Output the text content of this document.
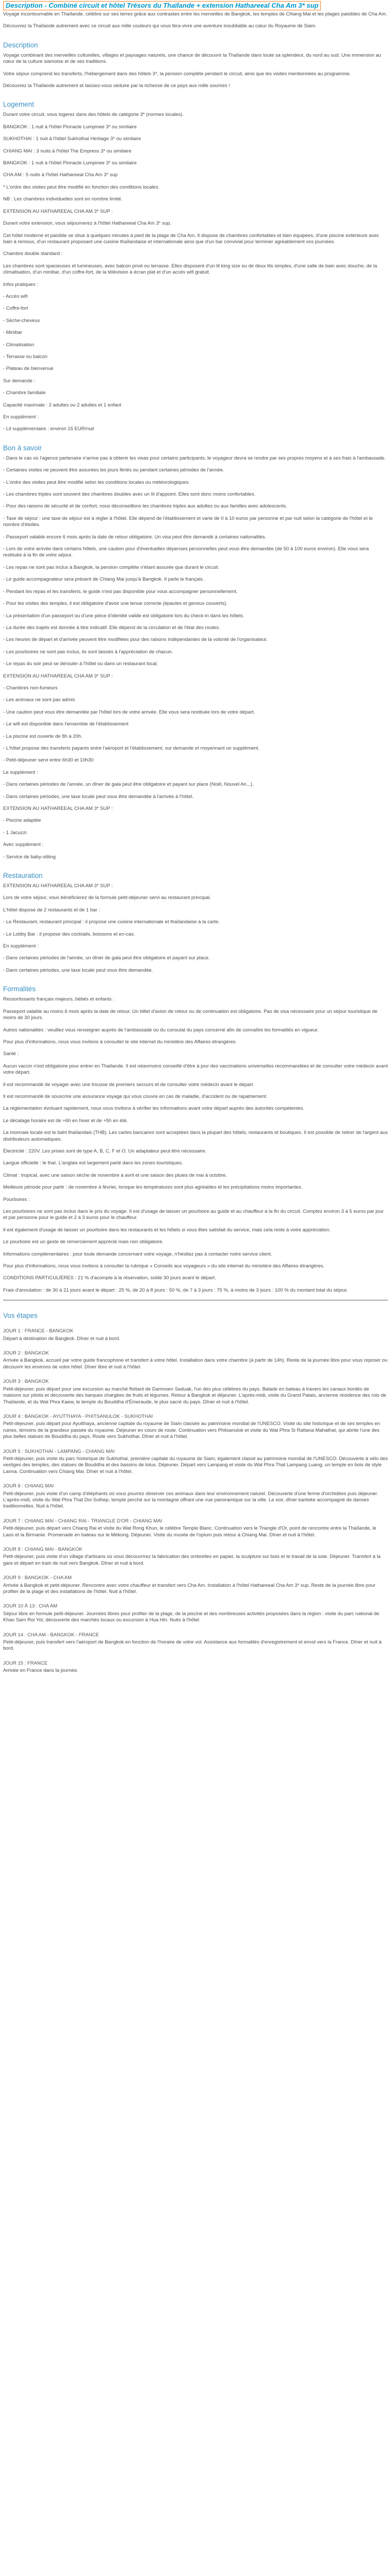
Description - Combiné circuit et hôtel Trésors du Thaïlande + extension Hathareeal Cha Am 3* sup

Voyage incontournable en Thaïlande, célèbre sur ses terres grâce aux contrastes entre les merveilles de Bangkok, les temples de Chiang Mai et les plages paisibles de Cha Am.

Découvrez la Thaïlande autrement avec ce circuit aux mille couleurs qui vous fera vivre une aventure inoubliable au cœur du Royaume de Siam.

Description

Voyage combinant des merveilles culturelles, villages et paysages naturels, une chance de découvrir la Thaïlande dans toute sa splendeur, du nord au sud. Une immersion au cœur de la culture siamoise et de ses traditions.

Votre séjour comprend les transferts, l'hébergement dans des hôtels 3*, la pension complète pendant le circuit, ainsi que les visites mentionnées au programme.

Découvrez la Thaïlande autrement et laissez-vous séduire par la richesse de ce pays aux mille sourires !

Logement

Durant votre circuit, vous logerez dans des hôtels de catégorie 3* (normes locales).

BANGKOK : 1 nuit à l'hôtel Pinnacle Lumpinee 3* ou similaire

SUKHOTHAI : 1 nuit à l'hôtel Sukhothai Heritage 3* ou similaire

CHIANG MAI : 3 nuits à l'hôtel The Empress 3* ou similaire

BANGKOK : 1 nuit à l'hôtel Pinnacle Lumpinee 3* ou similaire

CHA AM : 5 nuits à l'hôtel Hathareeal Cha Am 3* sup

* L'ordre des visites peut être modifié en fonction des conditions locales.

NB : Les chambres individuelles sont en nombre limité.

EXTENSION AU HATHAREEAL CHA AM 3* SUP :

Durant votre extension, vous séjournerez à l'hôtel Hathareeal Cha Am 3* sup.

Cet hôtel moderne et paisible se situe à quelques minutes à pied de la plage de Cha Am. Il dispose de chambres confortables et bien équipées, d'une piscine extérieure avec bain à remous, d'un restaurant proposant une cuisine thaïlandaise et internationale ainsi que d'un bar convivial pour terminer agréablement vos journées.

Chambre double standard :

Les chambres sont spacieuses et lumineuses, avec balcon privé ou terrasse. Elles disposent d'un lit king size ou de deux lits simples, d'une salle de bain avec douche, de la climatisation, d'un minibar, d'un coffre-fort, de la télévision à écran plat et d'un accès wifi gratuit.

Infos pratiques :

- Accès wifi

- Coffre-fort

- Sèche-cheveux

- Minibar

- Climatisation

- Terrasse ou balcon

- Plateau de bienvenue

Sur demande :

- Chambre familiale

Capacité maximale : 2 adultes ou 2 adultes et 1 enfant

En supplément :

- Lit supplémentaire : environ 15 EUR/nuit

Bon à savoir

- Dans le cas où l'agence partenaire n'arrive pas à obtenir les visas pour certains participants, le voyageur devra se rendre par ses propres moyens et à ses frais à l'ambassade.

- Certaines visites ne peuvent être assurées les jours fériés ou pendant certaines périodes de l'année.

- L'ordre des visites peut être modifié selon les conditions locales ou météorologiques.

- Les chambres triples sont souvent des chambres doubles avec un lit d'appoint. Elles sont donc moins confortables.

- Pour des raisons de sécurité et de confort, nous déconseillons les chambres triples aux adultes ou aux familles avec adolescents.

- Taxe de séjour : une taxe de séjour est à régler à l'hôtel. Elle dépend de l'établissement et varie de 0 à 10 euros par personne et par nuit selon la catégorie de l'hôtel et le nombre d'étoiles.

- Passeport valable encore 6 mois après la date de retour obligatoire. Un visa peut être demandé à certaines nationalités.

- Lors de votre arrivée dans certains hôtels, une caution pour d'éventuelles dépenses personnelles peut vous être demandée (de 50 à 100 euros environ). Elle vous sera restituée à la fin de votre séjour.

- Les repas ne sont pas inclus à Bangkok, la pension complète n'étant assurée que durant le circuit.

- Le guide accompagnateur sera présent de Chiang Mai jusqu'à Bangkok. Il parle le français.

- Pendant les repas et les transferts, le guide n'est pas disponible pour vous accompagner personnellement.

- Pour les visites des temples, il est obligatoire d'avoir une tenue correcte (épaules et genoux couverts).

- La présentation d'un passeport ou d'une pièce d'identité valide est obligatoire lors du check-in dans les hôtels.

- La durée des trajets est donnée à titre indicatif. Elle dépend de la circulation et de l'état des routes.

- Les heures de départ et d'arrivée peuvent être modifiées pour des raisons indépendantes de la volonté de l'organisateur.

- Les pourboires ne sont pas inclus, ils sont laissés à l'appréciation de chacun.

- Le repas du soir peut se dérouler à l'hôtel ou dans un restaurant local.

EXTENSION AU HATHAREEAL CHA AM 3* SUP :

- Chambres non-fumeurs

- Les animaux ne sont pas admis

- Une caution peut vous être demandée par l'hôtel lors de votre arrivée. Elle vous sera restituée lors de votre départ.

- Le wifi est disponible dans l'ensemble de l'établissement

- La piscine est ouverte de 8h à 20h.

- L'hôtel propose des transferts payants entre l'aéroport et l'établissement, sur demande et moyennant un supplément.

- Petit-déjeuner servi entre 6h30 et 10h30

Le supplément :

- Dans certaines périodes de l'année, un dîner de gala peut être obligatoire et payant sur place (Noël, Nouvel An...).

- Dans certaines périodes, une taxe locale peut vous être demandée à l'arrivée à l'hôtel.

EXTENSION AU HATHAREEAL CHA AM 3* SUP :

- Piscine adaptée

- 1 Jacuzzi

Avec supplément :

- Service de baby-sitting

Restauration

EXTENSION AU HATHAREEAL CHA AM 3* SUP :

Lors de votre séjour, vous bénéficierez de la formule petit-déjeuner servi au restaurant principal.

L'hôtel dispose de 2 restaurants et de 1 bar :

- Le Restaurant, restaurant principal : il propose une cuisine internationale et thaïlandaise à la carte.

- Le Lobby Bar : il propose des cocktails, boissons et en-cas.

En supplément :

- Dans certaines périodes de l'année, un dîner de gala peut être obligatoire et payant sur place.

- Dans certaines périodes, une taxe locale peut vous être demandée.

Formalités

Ressortissants français majeurs, bébés et enfants :

Passeport valable au moins 6 mois après la date de retour. Un billet d'avion de retour ou de continuation est obligatoire. Pas de visa nécessaire pour un séjour touristique de moins de 30 jours.

Autres nationalités : veuillez vous renseigner auprès de l'ambassade ou du consulat du pays concerné afin de connaître les formalités en vigueur.

Pour plus d'informations, nous vous invitons à consulter le site internet du ministère des Affaires étrangères.

Santé :

Aucun vaccin n'est obligatoire pour entrer en Thaïlande. Il est néanmoins conseillé d'être à jour des vaccinations universelles recommandées et de consulter votre médecin avant votre départ.

Il est recommandé de voyager avec une trousse de premiers secours et de consulter votre médecin avant le départ.

Il est recommandé de souscrire une assurance voyage qui vous couvre en cas de maladie, d'accident ou de rapatriement.

La réglementation évoluant rapidement, nous vous invitons à vérifier les informations avant votre départ auprès des autorités compétentes.

Le décalage horaire est de +6h en hiver et de +5h en été.

La monnaie locale est le baht thaïlandais (THB). Les cartes bancaires sont acceptées dans la plupart des hôtels, restaurants et boutiques. Il est possible de retirer de l'argent aux distributeurs automatiques.

Électricité : 220V. Les prises sont de type A, B, C, F et O. Un adaptateur peut être nécessaire.

Langue officielle : le thaï. L'anglais est largement parlé dans les zones touristiques.

Climat : tropical, avec une saison sèche de novembre à avril et une saison des pluies de mai à octobre.

Meilleure période pour partir : de novembre à février, lorsque les températures sont plus agréables et les précipitations moins importantes.

Pourboires :

Les pourboires ne sont pas inclus dans le prix du voyage. Il est d'usage de laisser un pourboire au guide et au chauffeur à la fin du circuit. Comptez environ 3 à 5 euros par jour et par personne pour le guide et 2 à 3 euros pour le chauffeur.

Il est également d'usage de laisser un pourboire dans les restaurants et les hôtels si vous êtes satisfait du service, mais cela reste à votre appréciation.

Le pourboire est un geste de remerciement apprécié mais non obligatoire.

Informations complémentaires : pour toute demande concernant votre voyage, n'hésitez pas à contacter notre service client.

Pour plus d'informations, nous vous invitons à consulter la rubrique « Conseils aux voyageurs » du site internet du ministère des Affaires étrangères.

CONDITIONS PARTICULIÈRES : 21 % d'acompte à la réservation, solde 30 jours avant le départ.

Frais d'annulation : de 30 à 21 jours avant le départ : 25 %, de 20 à 8 jours : 50 %, de 7 à 3 jours : 75 %, à moins de 3 jours : 100 % du montant total du séjour.

Vos étapes
JOUR 1 : FRANCE - BANGKOK

Départ à destination de Bangkok. Dîner et nuit à bord.

JOUR 2 : BANGKOK

Arrivée à Bangkok, accueil par votre guide francophone et transfert à votre hôtel. Installation dans votre chambre (à partir de 14h). Reste de la journée libre pour vous reposer ou découvrir les environs de votre hôtel. Dîner libre et nuit à l'hôtel.

JOUR 3 : BANGKOK

Petit-déjeuner, puis départ pour une excursion au marché flottant de Damnoen Saduak, l'un des plus célèbres du pays. Balade en bateau à travers les canaux bordés de maisons sur pilotis et découverte des barques chargées de fruits et légumes. Retour à Bangkok et déjeuner. L'après-midi, visite du Grand Palais, ancienne résidence des rois de Thaïlande, et du Wat Phra Kaew, le temple du Bouddha d'Émeraude, le plus sacré du pays. Dîner et nuit à l'hôtel.

JOUR 4 : BANGKOK - AYUTTHAYA - PHITSANULOK - SUKHOTHAI

Petit-déjeuner, puis départ pour Ayutthaya, ancienne capitale du royaume de Siam classée au patrimoine mondial de l'UNESCO. Visite du site historique et de ses temples en ruines, témoins de la grandeur passée du royaume. Déjeuner en cours de route. Continuation vers Phitsanulok et visite du Wat Phra Si Rattana Mahathat, qui abrite l'une des plus belles statues de Bouddha du pays. Route vers Sukhothai. Dîner et nuit à l'hôtel.

JOUR 5 : SUKHOTHAI - LAMPANG - CHIANG MAI

Petit-déjeuner, puis visite du parc historique de Sukhothai, première capitale du royaume de Siam, également classé au patrimoine mondial de l'UNESCO. Découverte à vélo des vestiges des temples, des statues de Bouddha et des bassins de lotus. Déjeuner. Départ vers Lampang et visite du Wat Phra That Lampang Luang, un temple en bois de style Lanna. Continuation vers Chiang Mai. Dîner et nuit à l'hôtel.

JOUR 6 : CHIANG MAI

Petit-déjeuner, puis visite d'un camp d'éléphants où vous pourrez observer ces animaux dans leur environnement naturel. Découverte d'une ferme d'orchidées puis déjeuner. L'après-midi, visite du Wat Phra That Doi Suthep, temple perché sur la montagne offrant une vue panoramique sur la ville. Le soir, dîner kantoke accompagné de danses traditionnelles. Nuit à l'hôtel.

JOUR 7 : CHIANG MAI - CHIANG RAI - TRIANGLE D'OR - CHIANG MAI

Petit-déjeuner, puis départ vers Chiang Rai et visite du Wat Rong Khun, le célèbre Temple Blanc. Continuation vers le Triangle d'Or, point de rencontre entre la Thaïlande, le Laos et la Birmanie. Promenade en bateau sur le Mékong. Déjeuner. Visite du musée de l'opium puis retour à Chiang Mai. Dîner et nuit à l'hôtel.

JOUR 8 : CHIANG MAI - BANGKOK

Petit-déjeuner, puis visite d'un village d'artisans où vous découvrirez la fabrication des ombrelles en papier, la sculpture sur bois et le travail de la soie. Déjeuner. Transfert à la gare et départ en train de nuit vers Bangkok. Dîner et nuit à bord.

JOUR 9 : BANGKOK - CHA AM

Arrivée à Bangkok et petit-déjeuner. Rencontre avec votre chauffeur et transfert vers Cha Am. Installation à l'hôtel Hathareeal Cha Am 3* sup. Reste de la journée libre pour profiter de la plage et des installations de l'hôtel. Nuit à l'hôtel.

JOUR 10 À 13 : CHA AM

Séjour libre en formule petit-déjeuner. Journées libres pour profiter de la plage, de la piscine et des nombreuses activités proposées dans la région : visite du parc national de Khao Sam Roi Yot, découverte des marchés locaux ou excursion à Hua Hin. Nuits à l'hôtel.

JOUR 14 : CHA AM - BANGKOK - FRANCE

Petit-déjeuner, puis transfert vers l'aéroport de Bangkok en fonction de l'horaire de votre vol. Assistance aux formalités d'enregistrement et envol vers la France. Dîner et nuit à bord.

JOUR 15 : FRANCE

Arrivée en France dans la journée.
